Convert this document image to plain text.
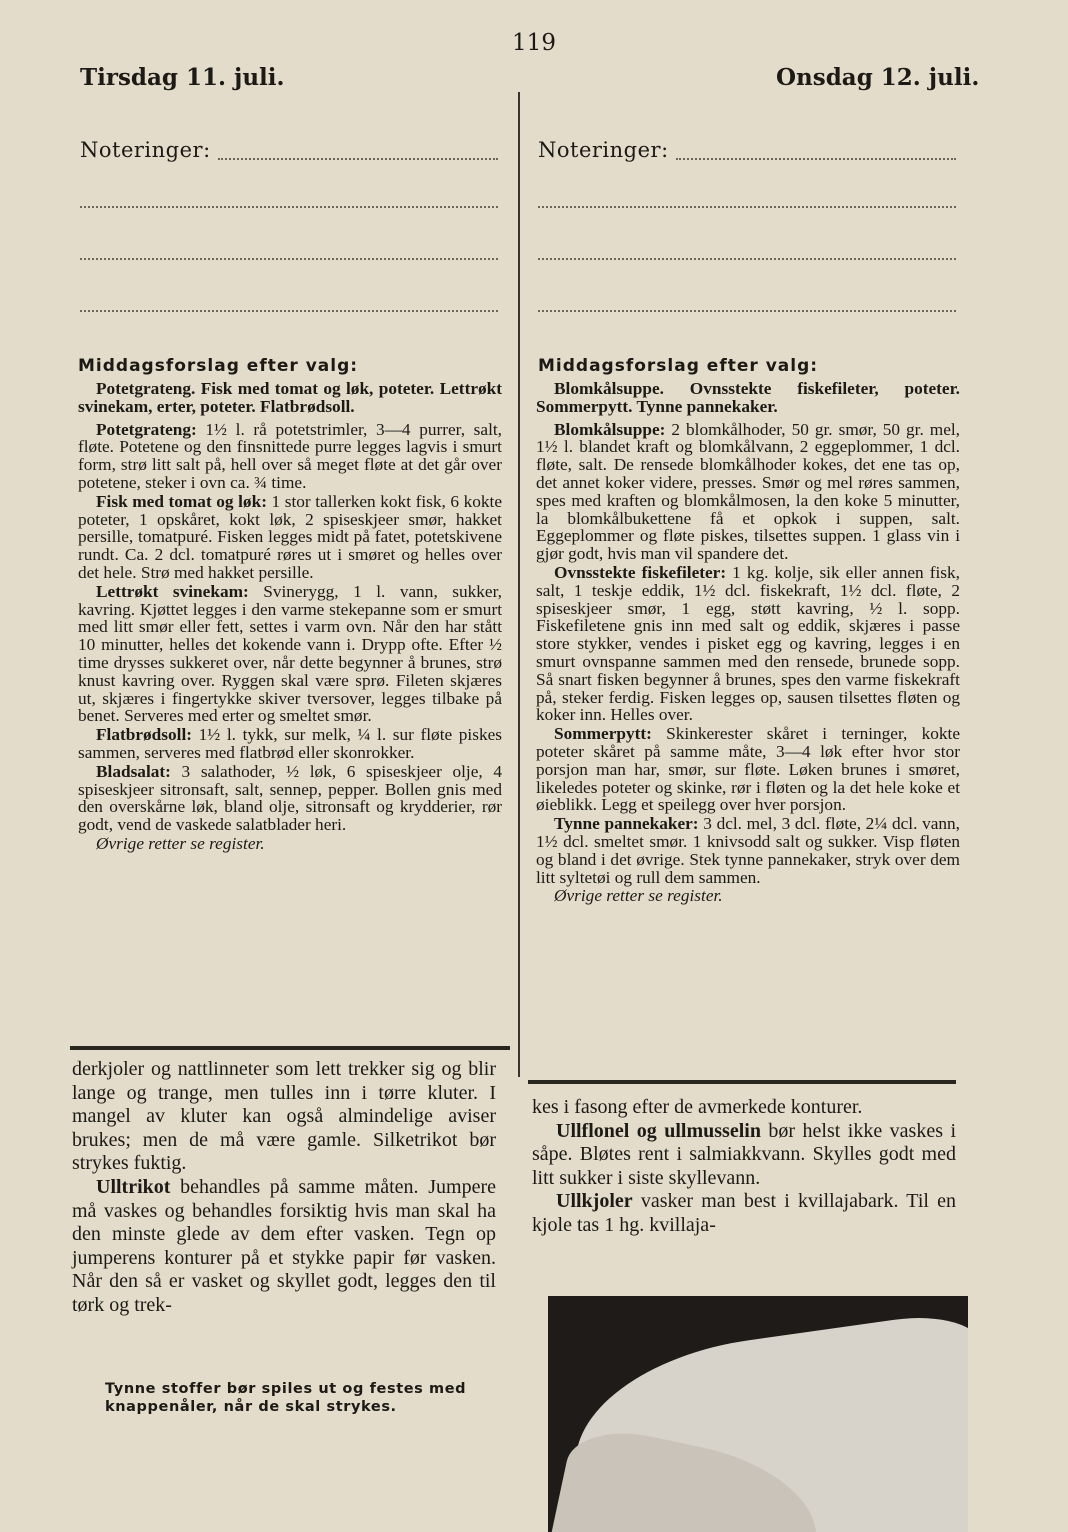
119
Tirsdag 11. juli.	Onsdag 12. juli.
Noteringer:	Noteringer:
Middagsforslag efter valg:	Middagsforslag efter valg:

Potetgrateng. Fisk med tomat og løk, poteter. Lettrøkt svinekam, erter, poteter. Flatbrødsoll.

Potetgrateng: 1½ l. rå potetstrimler, 3—4 purrer, salt, fløte. Potetene og den finsnittede purre legges lagvis i smurt form, strø litt salt på, hell over så meget fløte at det går over potetene, steker i ovn ca. ¾ time.

Fisk med tomat og løk: 1 stor tallerken kokt fisk, 6 kokte poteter, 1 opskåret, kokt løk, 2 spiseskjeer smør, hakket persille, tomatpuré. Fisken legges midt på fatet, potetskivene rundt. Ca. 2 dcl. tomatpuré røres ut i smøret og helles over det hele. Strø med hakket persille.

Lettrøkt svinekam: Svinerygg, 1 l. vann, sukker, kavring. Kjøttet legges i den varme stekepanne som er smurt med litt smør eller fett, settes i varm ovn. Når den har stått 10 minutter, helles det kokende vann i. Drypp ofte. Efter ½ time drysses sukkeret over, når dette begynner å brunes, strø knust kavring over. Ryggen skal være sprø. Fileten skjæres ut, skjæres i fingertykke skiver tversover, legges tilbake på benet. Serveres med erter og smeltet smør.

Flatbrødsoll: 1½ l. tykk, sur melk, ¼ l. sur fløte piskes sammen, serveres med flatbrød eller skonrokker.

Bladsalat: 3 salathoder, ½ løk, 6 spiseskjeer olje, 4 spiseskjeer sitronsaft, salt, sennep, pepper. Bollen gnis med den overskårne løk, bland olje, sitronsaft og krydderier, rør godt, vend de vaskede salatblader heri.

Øvrige retter se register.

Blomkålsuppe. Ovnsstekte fiskefileter, poteter. Sommerpytt. Tynne pannekaker.

Blomkålsuppe: 2 blomkålhoder, 50 gr. smør, 50 gr. mel, 1½ l. blandet kraft og blomkålvann, 2 eggeplommer, 1 dcl. fløte, salt. De rensede blomkålhoder kokes, det ene tas op, det annet koker videre, presses. Smør og mel røres sammen, spes med kraften og blomkålmosen, la den koke 5 minutter, la blomkålbukettene få et opkok i suppen, salt. Eggeplommer og fløte piskes, tilsettes suppen. 1 glass vin i gjør godt, hvis man vil spandere det.

Ovnsstekte fiskefileter: 1 kg. kolje, sik eller annen fisk, salt, 1 teskje eddik, 1½ dcl. fiskekraft, 1½ dcl. fløte, 2 spiseskjeer smør, 1 egg, støtt kavring, ½ l. sopp. Fiskefiletene gnis inn med salt og eddik, skjæres i passe store stykker, vendes i pisket egg og kavring, legges i en smurt ovnspanne sammen med den rensede, brunede sopp. Så snart fisken begynner å brunes, spes den varme fiskekraft på, steker ferdig. Fisken legges op, sausen tilsettes fløten og koker inn. Helles over.

Sommerpytt: Skinkerester skåret i terninger, kokte poteter skåret på samme måte, 3—4 løk efter hvor stor porsjon man har, smør, sur fløte. Løken brunes i smøret, likeledes poteter og skinke, rør i fløten og la det hele koke et øieblikk. Legg et speilegg over hver porsjon.

Tynne pannekaker: 3 dcl. mel, 3 dcl. fløte, 2¼ dcl. vann, 1½ dcl. smeltet smør. 1 knivsodd salt og sukker. Visp fløten og bland i det øvrige. Stek tynne pannekaker, stryk over dem litt syltetøi og rull dem sammen.

Øvrige retter se register.

derkjoler og nattlinneter som lett trekker sig og blir lange og trange, men tulles inn i tørre kluter. I mangel av kluter kan også almindelige aviser brukes; men de må være gamle. Silketrikot bør strykes fuktig.

Ulltrikot behandles på samme måten. Jumpere må vaskes og behandles forsiktig hvis man skal ha den minste glede av dem efter vasken. Tegn op jumperens konturer på et stykke papir før vasken. Når den så er vasket og skyllet godt, legges den til tørk og trek-

kes i fasong efter de avmerkede konturer.

Ullflonel og ullmusselin bør helst ikke vaskes i såpe. Bløtes rent i salmiakkvann. Skylles godt med litt sukker i siste skyllevann.

Ullkjoler vasker man best i kvillajabark. Til en kjole tas 1 hg. kvillaja-

Tynne stoffer bør spiles ut og festes med knappenåler, når de skal strykes.
